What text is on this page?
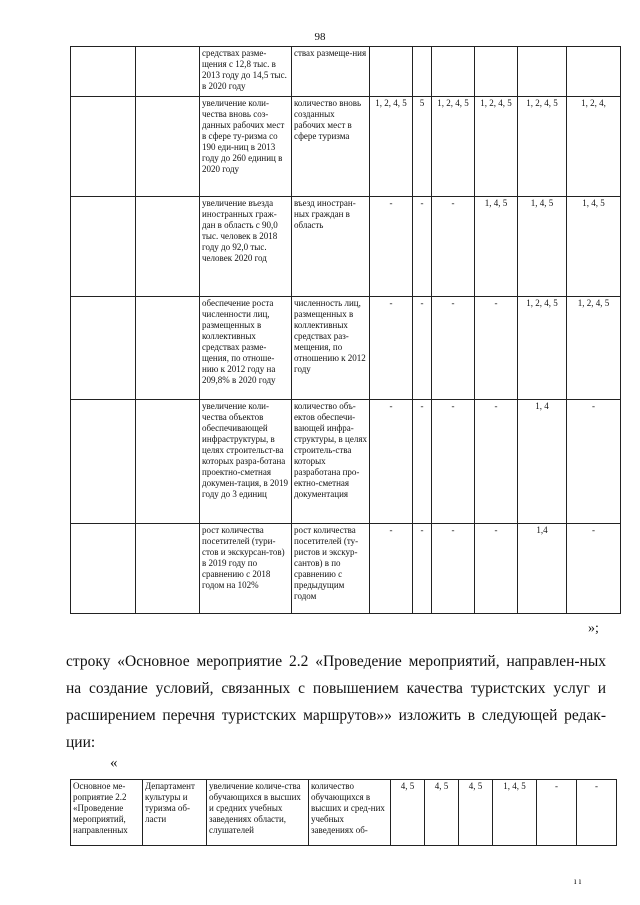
98
		средствах разме-щения с 12,8 тыс. в 2013 году до 14,5 тыс. в 2020 году	ствах размеще-ния						
		увеличение коли-чества вновь соз-данных рабочих мест в сфере ту-ризма со 190 еди-ниц в 2013 году до 260 единиц в 2020 году	количество вновь созданных рабочих мест в сфере туризма	1, 2, 4, 5	5	1, 2, 4, 5	1, 2, 4, 5	1, 2, 4, 5	1, 2, 4,
		увеличение въезда иностранных граж-дан в область с 90,0 тыс. человек в 2018 году до 92,0 тыс. человек 2020 год	въезд иностран-ных граждан в область	-	-	-	1, 4, 5	1, 4, 5	1, 4, 5
		обеспечение роста численности лиц, размещенных в коллективных средствах разме-щения, по отноше-нию к 2012 году на 209,8% в 2020 году	численность лиц, размещенных в коллективных средствах раз-мещения, по отношению к 2012 году	-	-	-	-	1, 2, 4, 5	1, 2, 4, 5
		увеличение коли-чества объектов обеспечивающей инфраструктуры, в целях строительст-ва которых разра-ботана проектно-сметная докумен-тация, в 2019 году до 3 единиц	количество объ-ектов обеспечи-вающей инфра-структуры, в целях строитель-ства которых разработана про-ектно-сметная документация	-	-	-	-	1, 4	-
		рост количества посетителей (тури-стов и экскурсан-тов) в 2019 году по сравнению с 2018 годом на 102%	рост количества посетителей (ту-ристов и экскур-сантов) в по сравнению с предыдущим годом	-	-	-	-	1,4	-
»;
строку «Основное мероприятие 2.2 «Проведение мероприятий, направлен-ных на создание условий, связанных с повышением качества туристских услуг и расширением перечня туристских маршрутов»» изложить в следующей редак-ции:
«
Основное ме-роприятие 2.2 «Проведение мероприятий, направленных	Департамент культуры и туризма об-ласти	увеличение количе-ства обучающихся в высших и средних учебных заведениях области, слушателей	количество обучающихся в высших и сред-них учебных заведениях об-	4, 5	4, 5	4, 5	1, 4, 5	-	-
ı ı
